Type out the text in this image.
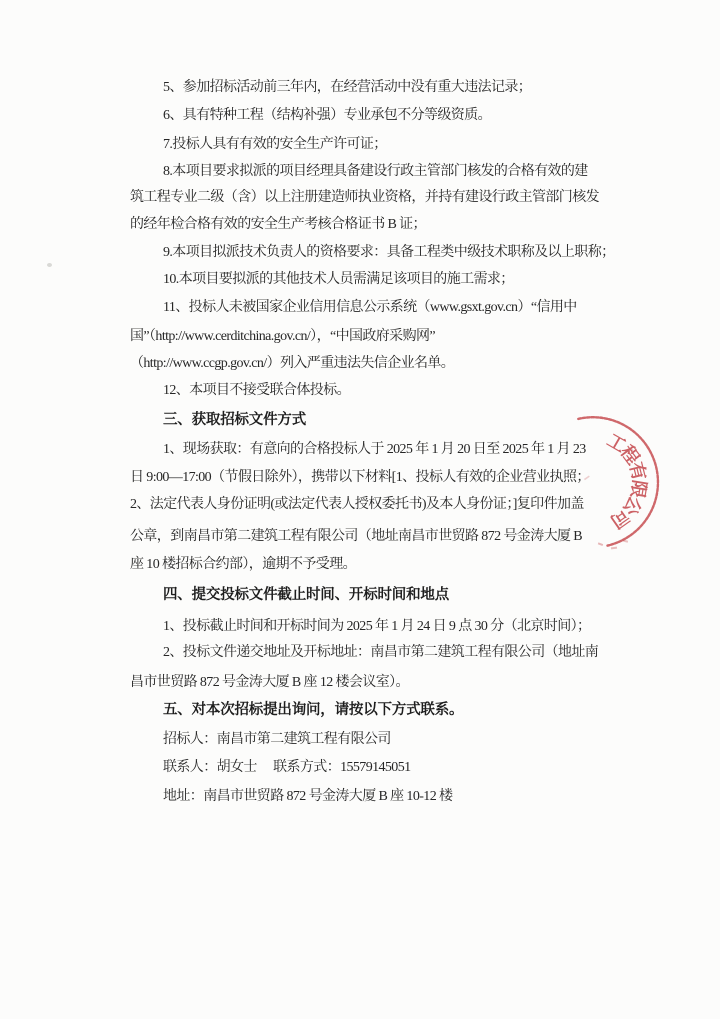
5、参加招标活动前三年内，在经营活动中没有重大违法记录；
6、具有特种工程（结构补强）专业承包不分等级资质。
7.投标人具有有效的安全生产许可证；
8.本项目要求拟派的项目经理具备建设行政主管部门核发的合格有效的建
筑工程专业二级（含）以上注册建造师执业资格，并持有建设行政主管部门核发
的经年检合格有效的安全生产考核合格证书 B 证；
9.本项目拟派技术负责人的资格要求：具备工程类中级技术职称及以上职称；
10.本项目要拟派的其他技术人员需满足该项目的施工需求；
11、投标人未被国家企业信用信息公示系统（www.gsxt.gov.cn）“信用中
国”（http://www.cerditchina.gov.cn/），“中国政府采购网”
（http://www.ccgp.gov.cn/）列入严重违法失信企业名单。
12、本项目不接受联合体投标。
三、获取招标文件方式
1、现场获取：有意向的合格投标人于 2025 年 1 月 20 日至 2025 年 1 月 23
日 9:00—17:00（节假日除外），携带以下材料[1、投标人有效的企业营业执照；
2、法定代表人身份证明(或法定代表人授权委托书)及本人身份证；]复印件加盖
公章，到南昌市第二建筑工程有限公司（地址南昌市世贸路 872 号金涛大厦 B
座 10 楼招标合约部），逾期不予受理。
四、提交投标文件截止时间、开标时间和地点
1、投标截止时间和开标时间为 2025 年 1 月 24 日 9 点 30 分（北京时间）；
2、投标文件递交地址及开标地址：南昌市第二建筑工程有限公司（地址南
昌市世贸路 872 号金涛大厦 B 座 12 楼会议室）。
五、对本次招标提出询问，请按以下方式联系。
招标人：南昌市第二建筑工程有限公司
联系人：胡女士　 联系方式：15579145051
地址：南昌市世贸路 872 号金涛大厦 B 座 10-12 楼
工
程
有
限
公
司
